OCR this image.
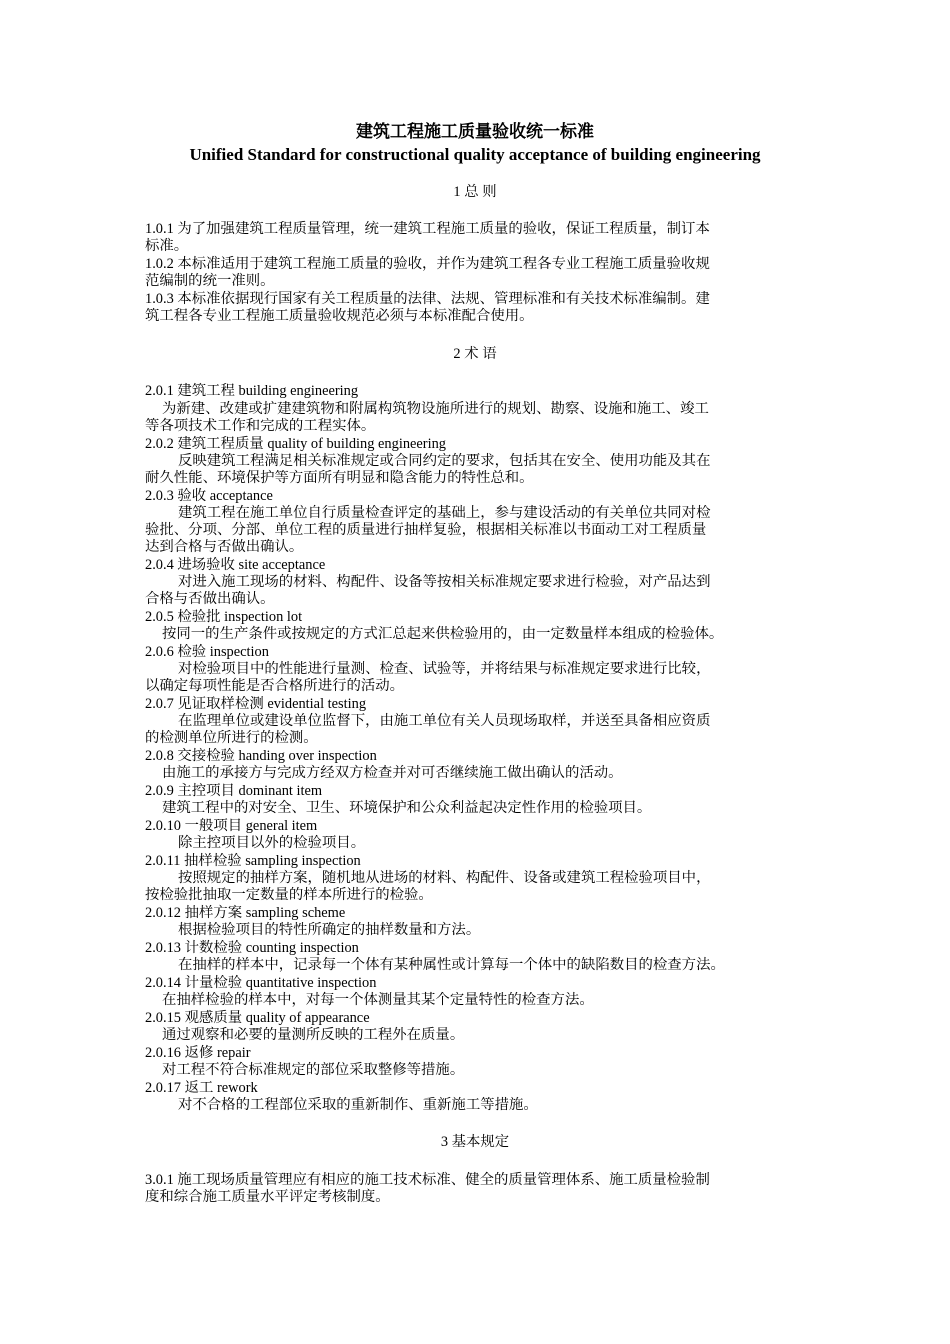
建筑工程施工质量验收统一标准
Unified Standard for constructional quality acceptance of building engineering
1 总 则
1.0.1 为了加强建筑工程质量管理，统一建筑工程施工质量的验收，保证工程质量，制订本
标准。
1.0.2 本标准适用于建筑工程施工质量的验收，并作为建筑工程各专业工程施工质量验收规
范编制的统一准则。
1.0.3 本标准依据现行国家有关工程质量的法律、法规、管理标准和有关技术标准编制。建
筑工程各专业工程施工质量验收规范必须与本标准配合使用。
2 术 语
2.0.1 建筑工程 building engineering
为新建、改建或扩建建筑物和附属构筑物设施所进行的规划、勘察、设施和施工、竣工
等各项技术工作和完成的工程实体。
2.0.2 建筑工程质量 quality of building engineering
反映建筑工程满足相关标准规定或合同约定的要求，包括其在安全、使用功能及其在
耐久性能、环境保护等方面所有明显和隐含能力的特性总和。
2.0.3 验收 acceptance
建筑工程在施工单位自行质量检查评定的基础上，参与建设活动的有关单位共同对检
验批、分项、分部、单位工程的质量进行抽样复验，根据相关标准以书面动工对工程质量
达到合格与否做出确认。
2.0.4 进场验收 site acceptance
对进入施工现场的材料、构配件、设备等按相关标准规定要求进行检验，对产品达到
合格与否做出确认。
2.0.5 检验批 inspection lot
按同一的生产条件或按规定的方式汇总起来供检验用的，由一定数量样本组成的检验体。
2.0.6 检验 inspection
对检验项目中的性能进行量测、检查、试验等，并将结果与标准规定要求进行比较，
以确定每项性能是否合格所进行的活动。
2.0.7 见证取样检测 evidential testing
在监理单位或建设单位监督下，由施工单位有关人员现场取样，并送至具备相应资质
的检测单位所进行的检测。
2.0.8 交接检验 handing over inspection
由施工的承接方与完成方经双方检查并对可否继续施工做出确认的活动。
2.0.9 主控项目 dominant item
建筑工程中的对安全、卫生、环境保护和公众利益起决定性作用的检验项目。
2.0.10 一般项目 general item
除主控项目以外的检验项目。
2.0.11 抽样检验 sampling inspection
按照规定的抽样方案，随机地从进场的材料、构配件、设备或建筑工程检验项目中，
按检验批抽取一定数量的样本所进行的检验。
2.0.12 抽样方案 sampling scheme
根据检验项目的特性所确定的抽样数量和方法。
2.0.13 计数检验 counting inspection
在抽样的样本中，记录每一个体有某种属性或计算每一个体中的缺陷数目的检查方法。
2.0.14 计量检验 quantitative inspection
在抽样检验的样本中，对每一个体测量其某个定量特性的检查方法。
2.0.15 观感质量 quality of appearance
通过观察和必要的量测所反映的工程外在质量。
2.0.16 返修 repair
对工程不符合标准规定的部位采取整修等措施。
2.0.17 返工 rework
对不合格的工程部位采取的重新制作、重新施工等措施。
3 基本规定
3.0.1 施工现场质量管理应有相应的施工技术标准、健全的质量管理体系、施工质量检验制
度和综合施工质量水平评定考核制度。
